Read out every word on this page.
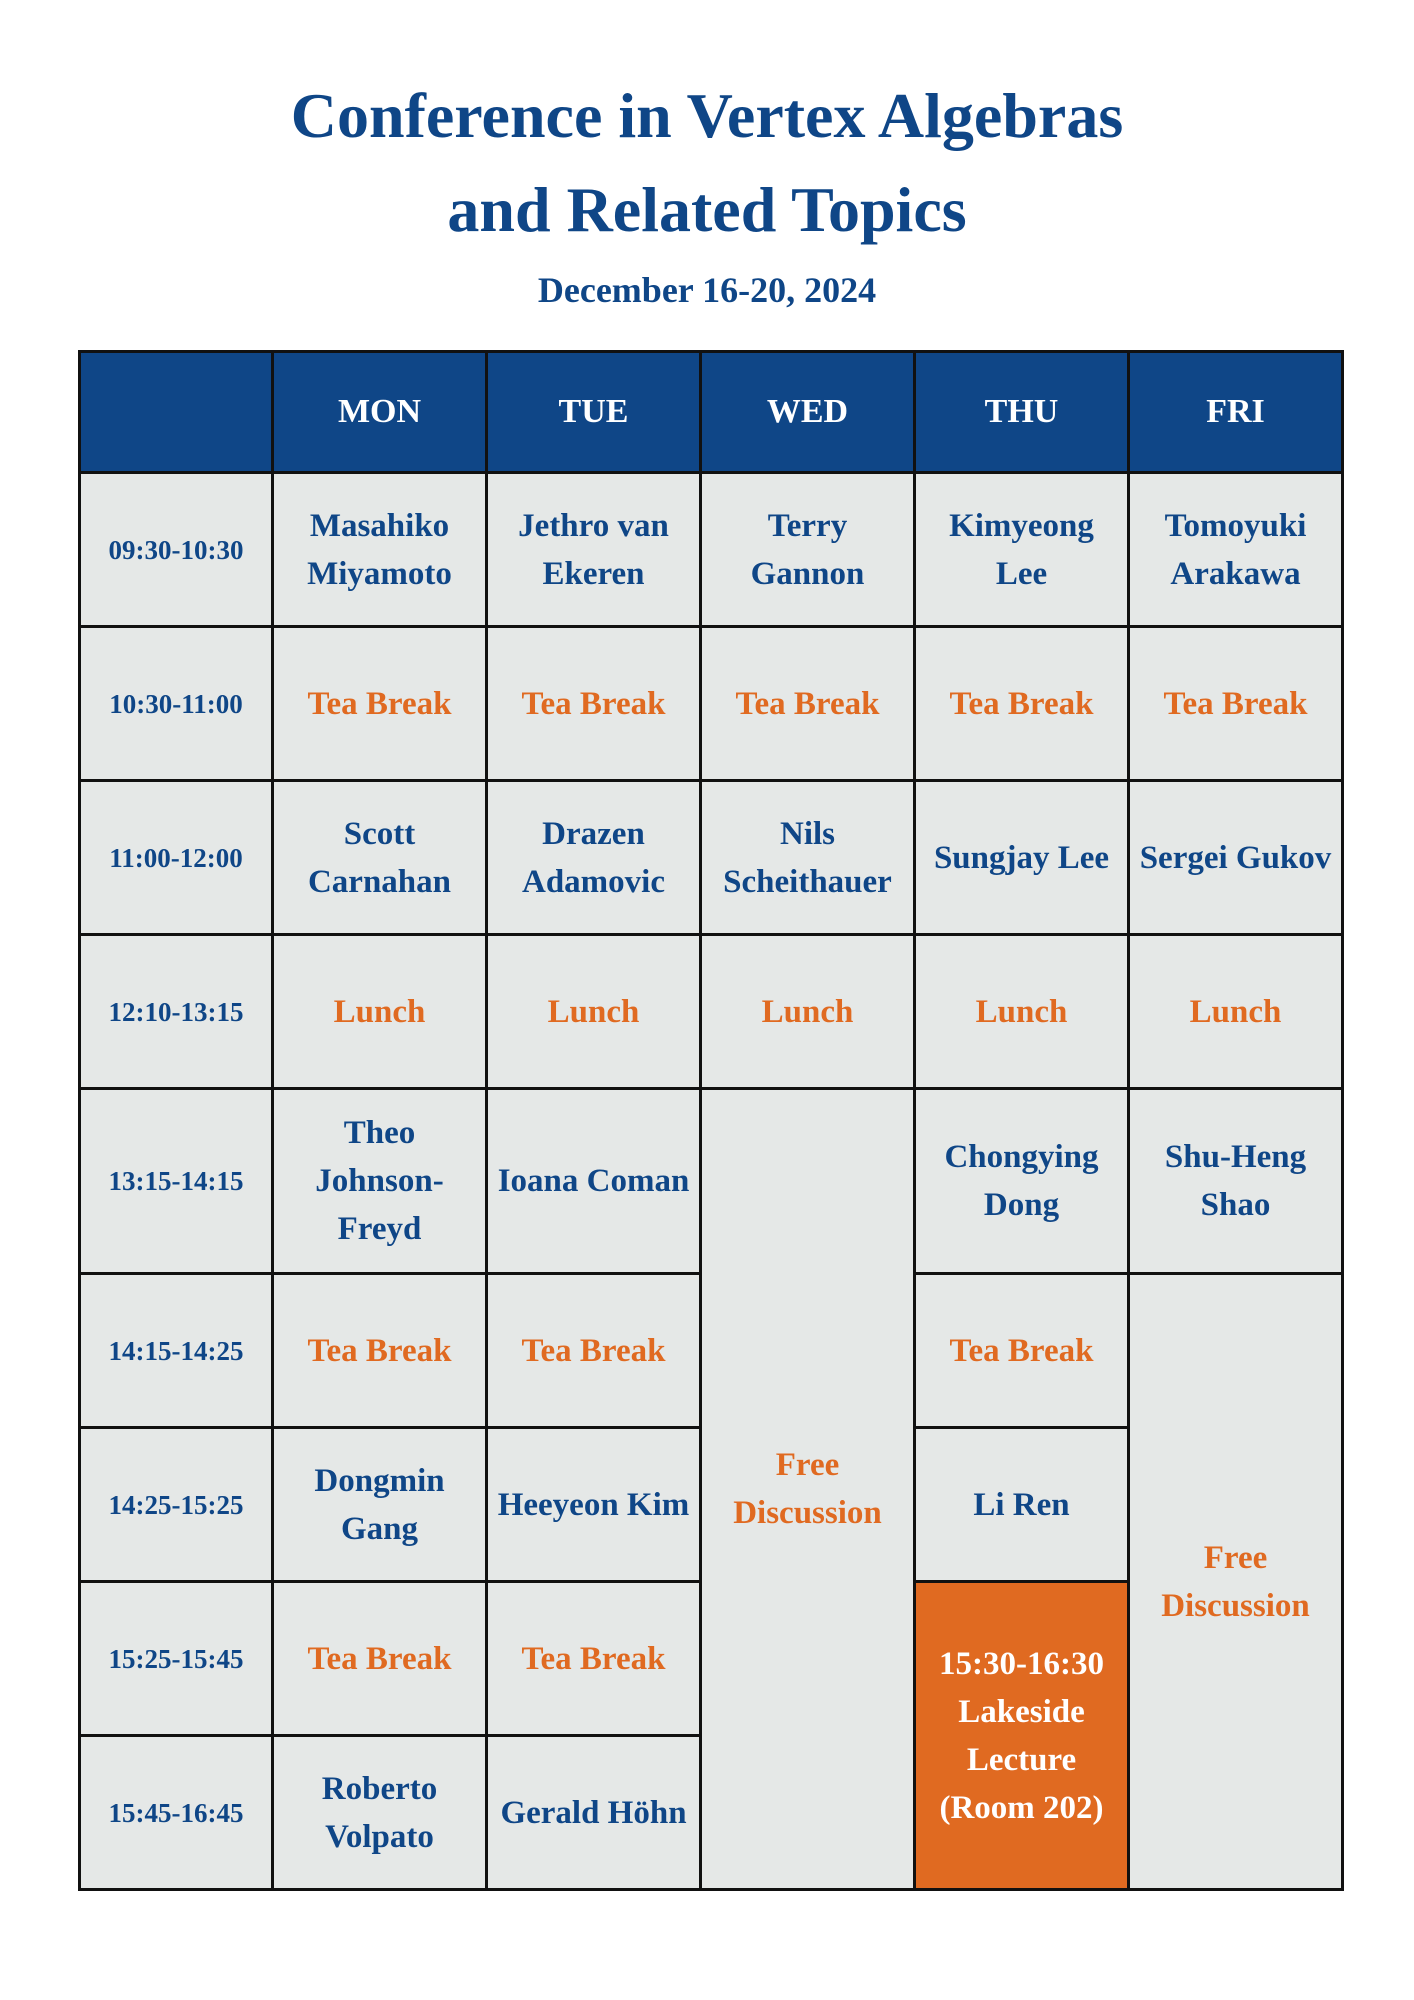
Conference in Vertex Algebras
and Related Topics
December 16-20, 2024
	MON	TUE	WED	THU	FRI
09:30-10:30	Masahiko Miyamoto	Jethro van Ekeren	Terry Gannon	Kimyeong Lee	Tomoyuki Arakawa
10:30-11:00	Tea Break	Tea Break	Tea Break	Tea Break	Tea Break
11:00-12:00	Scott Carnahan	Drazen Adamovic	Nils Scheithauer	Sungjay Lee	Sergei Gukov
12:10-13:15	Lunch	Lunch	Lunch	Lunch	Lunch
13:15-14:15	Theo Johnson-Freyd	Ioana Coman	Free Discussion	Chongying Dong	Shu-Heng Shao
14:15-14:25	Tea Break	Tea Break		Tea Break	Free Discussion
14:25-15:25	Dongmin Gang	Heeyeon Kim		Li Ren	
15:25-15:45	Tea Break	Tea Break		15:30-16:30 Lakeside Lecture (Room 202)	
15:45-16:45	Roberto Volpato	Gerald Höhn			
